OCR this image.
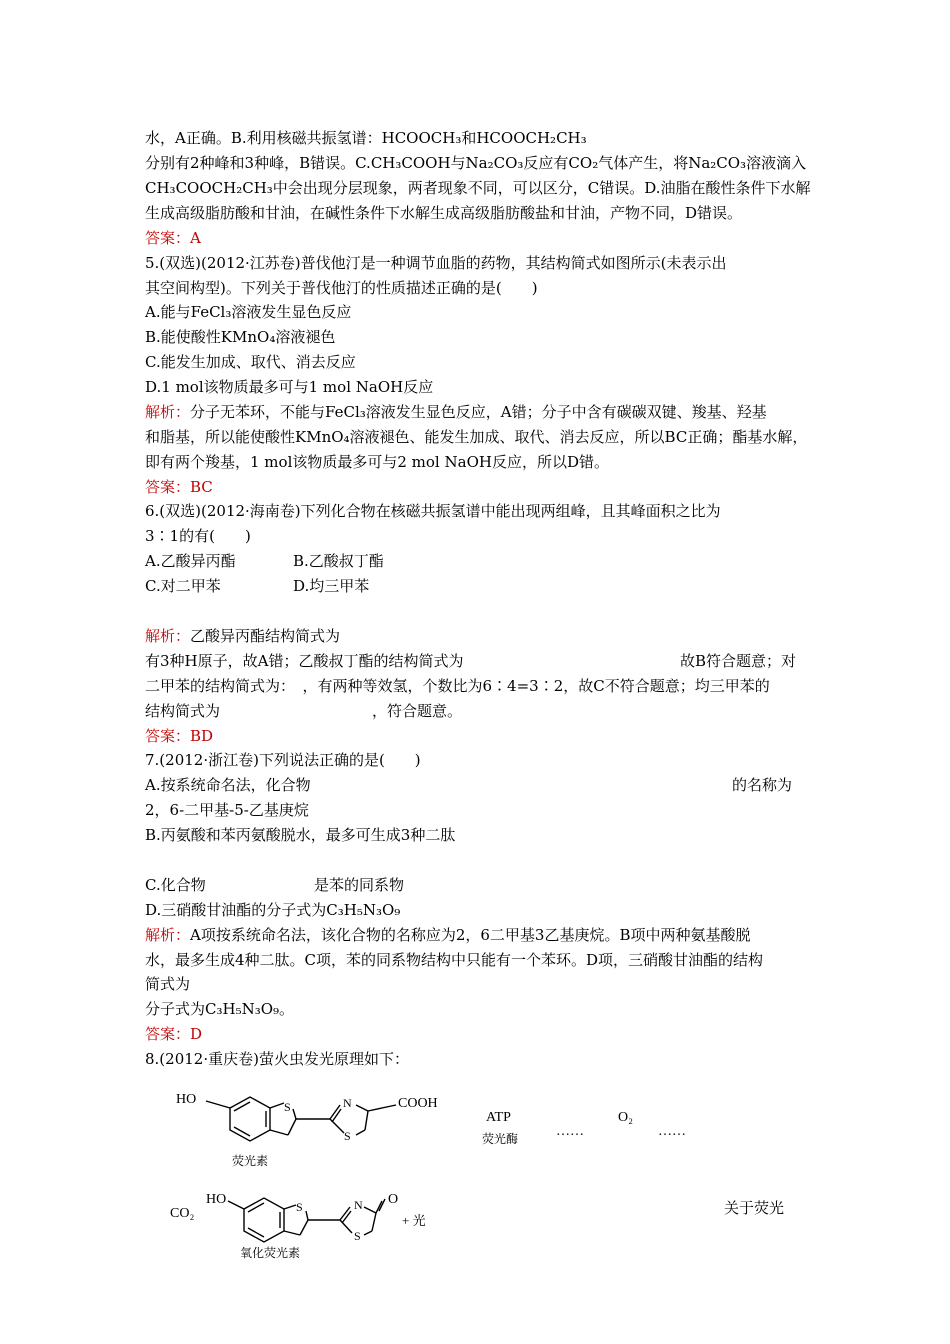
水，A正确。B.利用核磁共振氢谱：HCOOCH₃和HCOOCH₂CH₃
分别有2种峰和3种峰，B错误。C.CH₃COOH与Na₂CO₃反应有CO₂气体产生，将Na₂CO₃溶液滴入
CH₃COOCH₂CH₃中会出现分层现象，两者现象不同，可以区分，C错误。D.油脂在酸性条件下水解
生成高级脂肪酸和甘油，在碱性条件下水解生成高级脂肪酸盐和甘油，产物不同，D错误。
答案：A
5.(双选)(2012·江苏卷)普伐他汀是一种调节血脂的药物，其结构简式如图所示(未表示出
其空间构型)。下列关于普伐他汀的性质描述正确的是(　　)
A.能与FeCl₃溶液发生显色反应
B.能使酸性KMnO₄溶液褪色
C.能发生加成、取代、消去反应
D.1 mol该物质最多可与1 mol NaOH反应
解析：分子无苯环，不能与FeCl₃溶液发生显色反应，A错；分子中含有碳碳双键、羧基、羟基
和脂基，所以能使酸性KMnO₄溶液褪色、能发生加成、取代、消去反应，所以BC正确；酯基水解，
即有两个羧基，1 mol该物质最多可与2 mol NaOH反应，所以D错。
答案：BC
6.(双选)(2012·海南卷)下列化合物在核磁共振氢谱中能出现两组峰，且其峰面积之比为
3∶1的有(　　)
A.乙酸异丙酯	B.乙酸叔丁酯
C.对二甲苯	D.均三甲苯
解析：乙酸异丙酯结构简式为
有3种H原子，故A错；乙酸叔丁酯的结构简式为	故B符合题意；对
二甲苯的结构简式为：　，有两种等效氢，个数比为6∶4=3∶2，故C不符合题意；均三甲苯的
结构简式为	，符合题意。
答案：BD
7.(2012·浙江卷)下列说法正确的是(　　)
A.按系统命名法，化合物	的名称为
2，6-二甲基-5-乙基庚烷
B.丙氨酸和苯丙氨酸脱水，最多可生成3种二肽
C.化合物	是苯的同系物
D.三硝酸甘油酯的分子式为C₃H₅N₃O₉
解析：A项按系统命名法，该化合物的名称应为2，6二甲基3乙基庚烷。B项中两种氨基酸脱
水，最多生成4种二肽。C项，苯的同系物结构中只能有一个苯环。D项，三硝酸甘油酯的结构
简式为
分子式为C₃H₅N₃O₉。
答案：D
8.(2012·重庆卷)萤火虫发光原理如下：
HO	S	N
S
COOH
荧光素
ATP
荧光酶	……
O₂
……
CO₂
HO	S	N
S
O
+ 光
氧化荧光素
关于荧光
